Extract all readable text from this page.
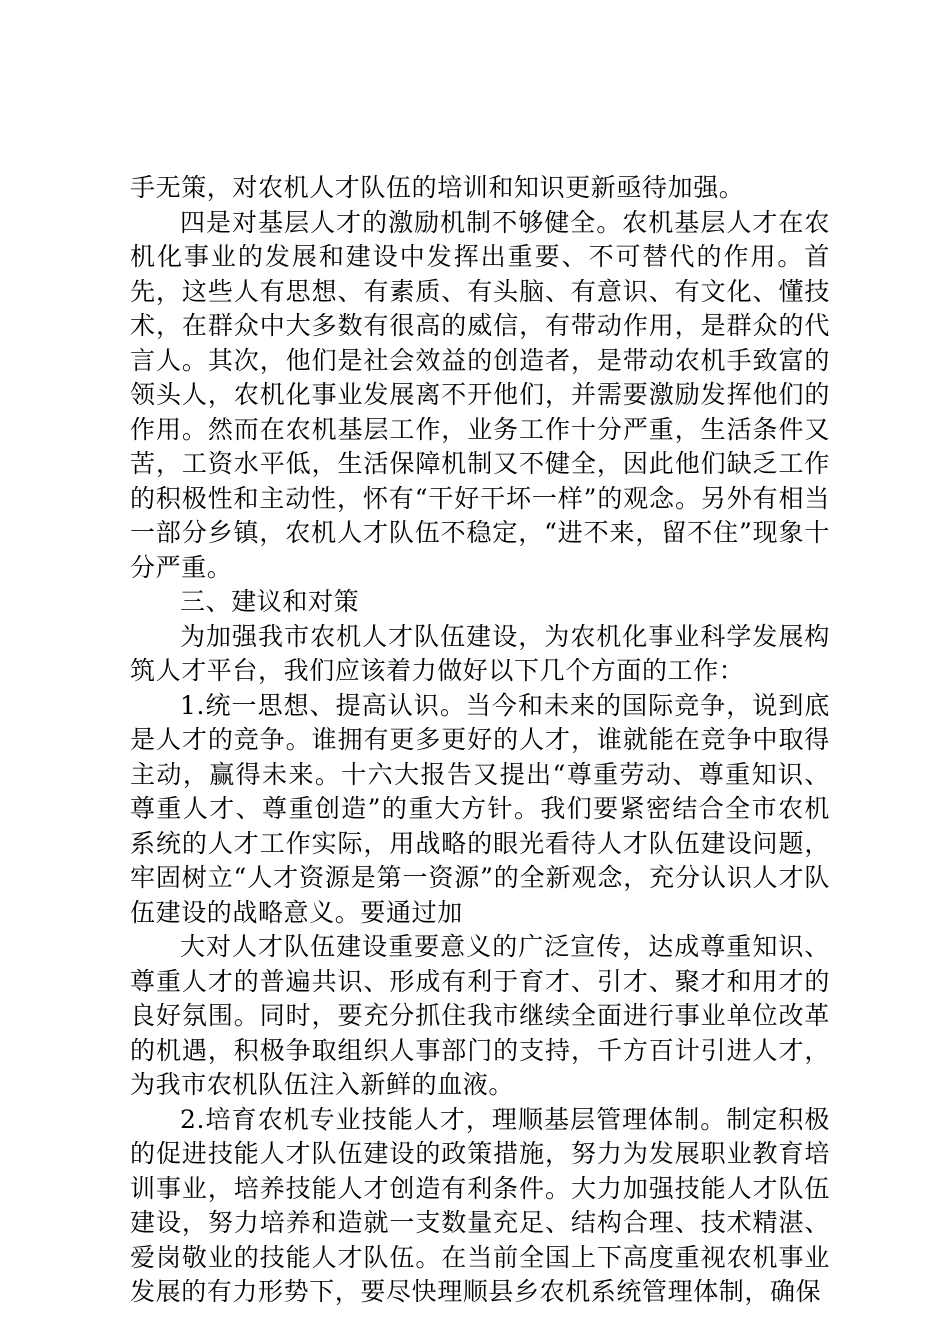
手无策，对农机人才队伍的培训和知识更新亟待加强。

四是对基层人才的激励机制不够健全。农机基层人才在农机化事业的发展和建设中发挥出重要、不可替代的作用。首先，这些人有思想、有素质、有头脑、有意识、有文化、懂技术，在群众中大多数有很高的威信，有带动作用，是群众的代言人。其次，他们是社会效益的创造者，是带动农机手致富的领头人，农机化事业发展离不开他们，并需要激励发挥他们的作用。然而在农机基层工作，业务工作十分严重，生活条件又苦，工资水平低，生活保障机制又不健全，因此他们缺乏工作的积极性和主动性，怀有“干好干坏一样”的观念。另外有相当一部分乡镇，农机人才队伍不稳定，“进不来，留不住”现象十分严重。

三、建议和对策

为加强我市农机人才队伍建设，为农机化事业科学发展构筑人才平台，我们应该着力做好以下几个方面的工作：

1.统一思想、提高认识。当今和未来的国际竞争，说到底是人才的竞争。谁拥有更多更好的人才，谁就能在竞争中取得主动，赢得未来。十六大报告又提出“尊重劳动、尊重知识、尊重人才、尊重创造”的重大方针。我们要紧密结合全市农机系统的人才工作实际，用战略的眼光看待人才队伍建设问题，牢固树立“人才资源是第一资源”的全新观念，充分认识人才队伍建设的战略意义。要通过加

大对人才队伍建设重要意义的广泛宣传，达成尊重知识、尊重人才的普遍共识、形成有利于育才、引才、聚才和用才的良好氛围。同时，要充分抓住我市继续全面进行事业单位改革的机遇，积极争取组织人事部门的支持，千方百计引进人才，为我市农机队伍注入新鲜的血液。

2.培育农机专业技能人才，理顺基层管理体制。制定积极的促进技能人才队伍建设的政策措施，努力为发展职业教育培训事业，培养技能人才创造有利条件。大力加强技能人才队伍建设，努力培养和造就一支数量充足、结构合理、技术精湛、爱岗敬业的技能人才队伍。在当前全国上下高度重视农机事业发展的有力形势下，要尽快理顺县乡农机系统管理体制，确保
